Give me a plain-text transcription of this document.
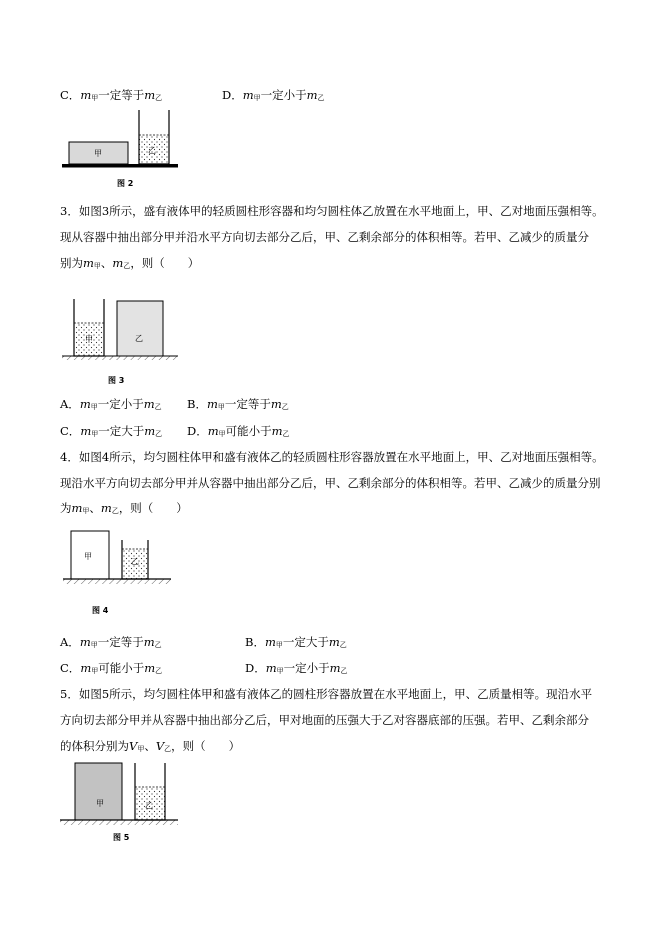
C．m甲一定等于m乙	D．m甲一定小于m乙
甲	乙
图 2
3．如图3所示，盛有液体甲的轻质圆柱形容器和均匀圆柱体乙放置在水平地面上，甲、乙对地面压强相等。
现从容器中抽出部分甲并沿水平方向切去部分乙后，甲、乙剩余部分的体积相等。若甲、乙减少的质量分
别为m甲、m乙，则（　　）
甲	乙
图 3
A．m甲一定小于m乙 B．m甲一定等于m乙
C．m甲一定大于m乙 D．m甲可能小于m乙
4．如图4所示，均匀圆柱体甲和盛有液体乙的轻质圆柱形容器放置在水平地面上，甲、乙对地面压强相等。
现沿水平方向切去部分甲并从容器中抽出部分乙后，甲、乙剩余部分的体积相等。若甲、乙减少的质量分别
为m甲、m乙，则（　　）
甲
乙
图 4
A．m甲一定等于m乙	B．m甲一定大于m乙
C．m甲可能小于m乙	D．m甲一定小于m乙
5．如图5所示，均匀圆柱体甲和盛有液体乙的圆柱形容器放置在水平地面上，甲、乙质量相等。现沿水平
方向切去部分甲并从容器中抽出部分乙后，甲对地面的压强大于乙对容器底部的压强。若甲、乙剩余部分
的体积分别为V甲、V乙，则（　　）
甲	乙
图 5
